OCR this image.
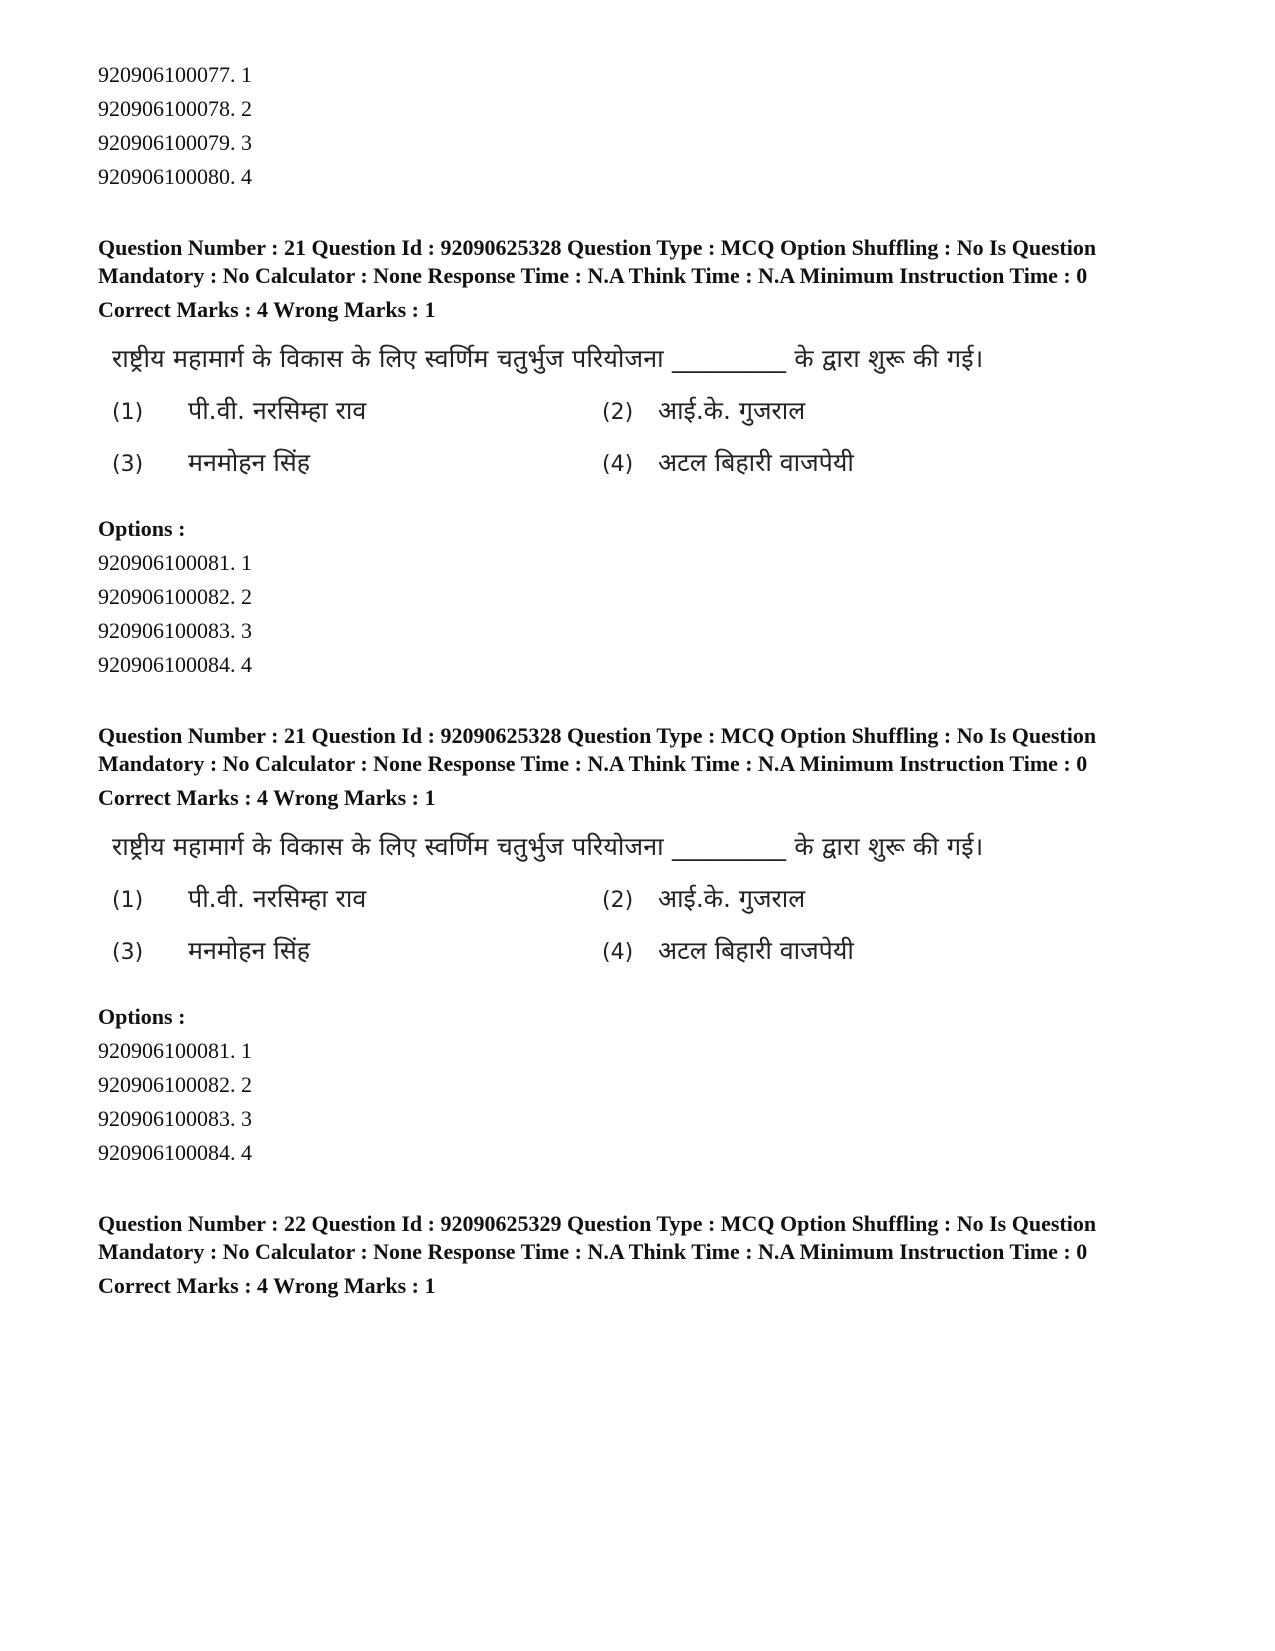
920906100077. 1

920906100078. 2

920906100079. 3

920906100080. 4

Question Number : 21 Question Id : 92090625328 Question Type : MCQ Option Shuffling : No Is Question Mandatory : No Calculator : None Response Time : N.A Think Time : N.A Minimum Instruction Time : 0

Correct Marks : 4 Wrong Marks : 1

राष्ट्रीय महामार्ग के विकास के लिए स्वर्णिम चतुर्भुज परियोजना _________ के द्वारा शुरू की गई।

(1)	पी.वी. नरसिम्हा राव	(2) आई.के. गुजराल
(3)	मनमोहन सिंह	(4) अटल बिहारी वाजपेयी

Options :

920906100081. 1

920906100082. 2

920906100083. 3

920906100084. 4

Question Number : 21 Question Id : 92090625328 Question Type : MCQ Option Shuffling : No Is Question Mandatory : No Calculator : None Response Time : N.A Think Time : N.A Minimum Instruction Time : 0

Correct Marks : 4 Wrong Marks : 1

राष्ट्रीय महामार्ग के विकास के लिए स्वर्णिम चतुर्भुज परियोजना _________ के द्वारा शुरू की गई।

(1)	पी.वी. नरसिम्हा राव	(2) आई.के. गुजराल
(3)	मनमोहन सिंह	(4) अटल बिहारी वाजपेयी

Options :

920906100081. 1

920906100082. 2

920906100083. 3

920906100084. 4

Question Number : 22 Question Id : 92090625329 Question Type : MCQ Option Shuffling : No Is Question Mandatory : No Calculator : None Response Time : N.A Think Time : N.A Minimum Instruction Time : 0

Correct Marks : 4 Wrong Marks : 1
